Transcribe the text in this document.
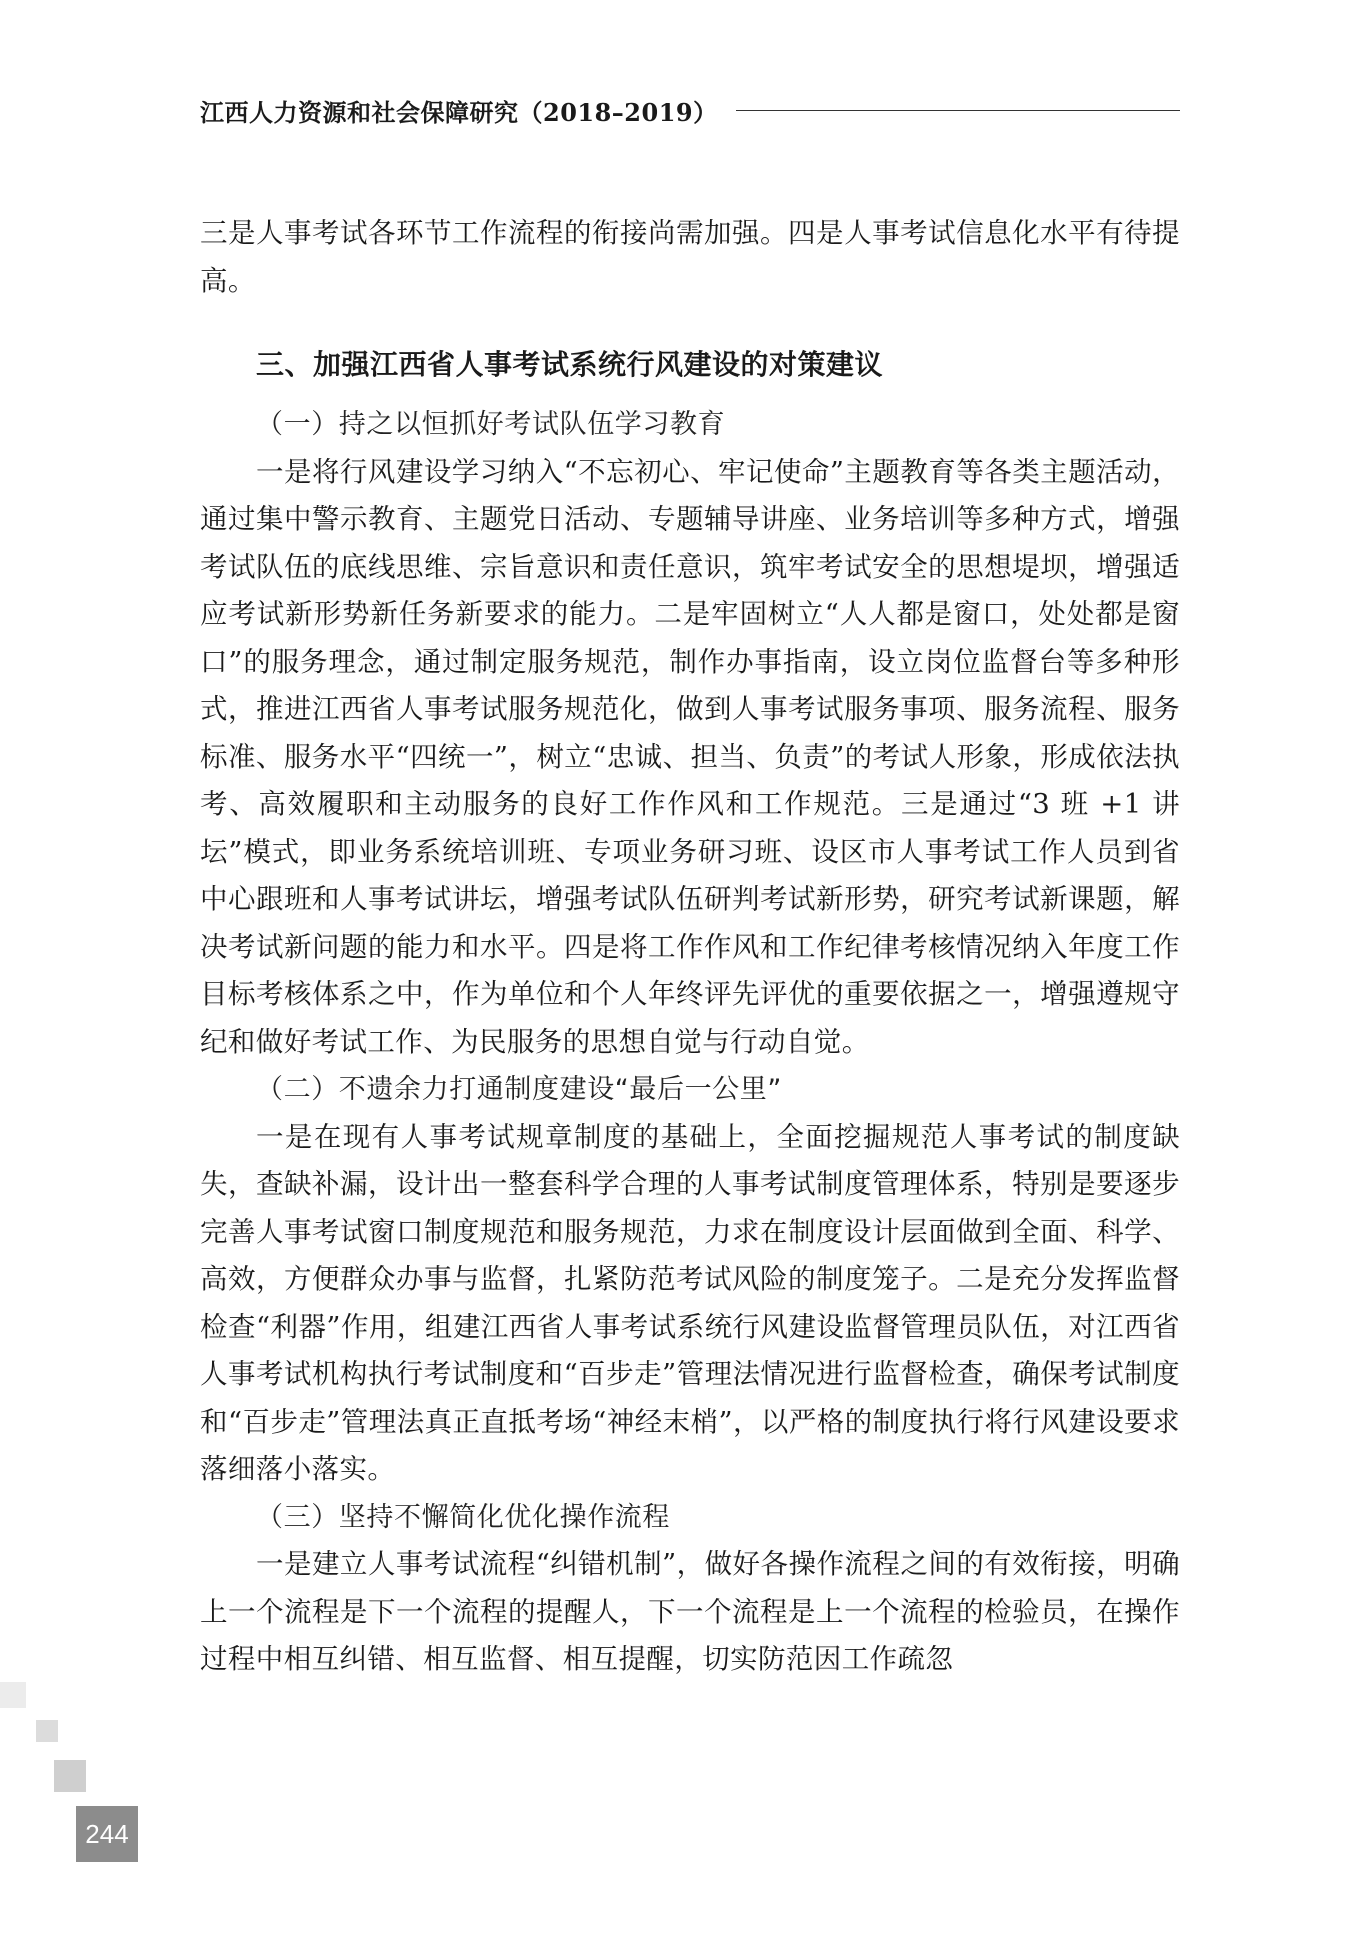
江西人力资源和社会保障研究（2018–2019）

三是人事考试各环节工作流程的衔接尚需加强。四是人事考试信息化水平有待提高。

三、加强江西省人事考试系统行风建设的对策建议
（一）持之以恒抓好考试队伍学习教育

一是将行风建设学习纳入“不忘初心、牢记使命”主题教育等各类主题活动，通过集中警示教育、主题党日活动、专题辅导讲座、业务培训等多种方式，增强考试队伍的底线思维、宗旨意识和责任意识，筑牢考试安全的思想堤坝，增强适应考试新形势新任务新要求的能力。二是牢固树立“人人都是窗口，处处都是窗口”的服务理念，通过制定服务规范，制作办事指南，设立岗位监督台等多种形式，推进江西省人事考试服务规范化，做到人事考试服务事项、服务流程、服务标准、服务水平“四统一”，树立“忠诚、担当、负责”的考试人形象，形成依法执考、高效履职和主动服务的良好工作作风和工作规范。三是通过“3 班 +1 讲坛”模式，即业务系统培训班、专项业务研习班、设区市人事考试工作人员到省中心跟班和人事考试讲坛，增强考试队伍研判考试新形势，研究考试新课题，解决考试新问题的能力和水平。四是将工作作风和工作纪律考核情况纳入年度工作目标考核体系之中，作为单位和个人年终评先评优的重要依据之一，增强遵规守纪和做好考试工作、为民服务的思想自觉与行动自觉。

（二）不遗余力打通制度建设“最后一公里”

一是在现有人事考试规章制度的基础上，全面挖掘规范人事考试的制度缺失，查缺补漏，设计出一整套科学合理的人事考试制度管理体系，特别是要逐步完善人事考试窗口制度规范和服务规范，力求在制度设计层面做到全面、科学、高效，方便群众办事与监督，扎紧防范考试风险的制度笼子。二是充分发挥监督检查“利器”作用，组建江西省人事考试系统行风建设监督管理员队伍，对江西省人事考试机构执行考试制度和“百步走”管理法情况进行监督检查，确保考试制度和“百步走”管理法真正直抵考场“神经末梢”，以严格的制度执行将行风建设要求落细落小落实。

（三）坚持不懈简化优化操作流程

一是建立人事考试流程“纠错机制”，做好各操作流程之间的有效衔接，明确上一个流程是下一个流程的提醒人，下一个流程是上一个流程的检验员，在操作过程中相互纠错、相互监督、相互提醒，切实防范因工作疏忽

244
